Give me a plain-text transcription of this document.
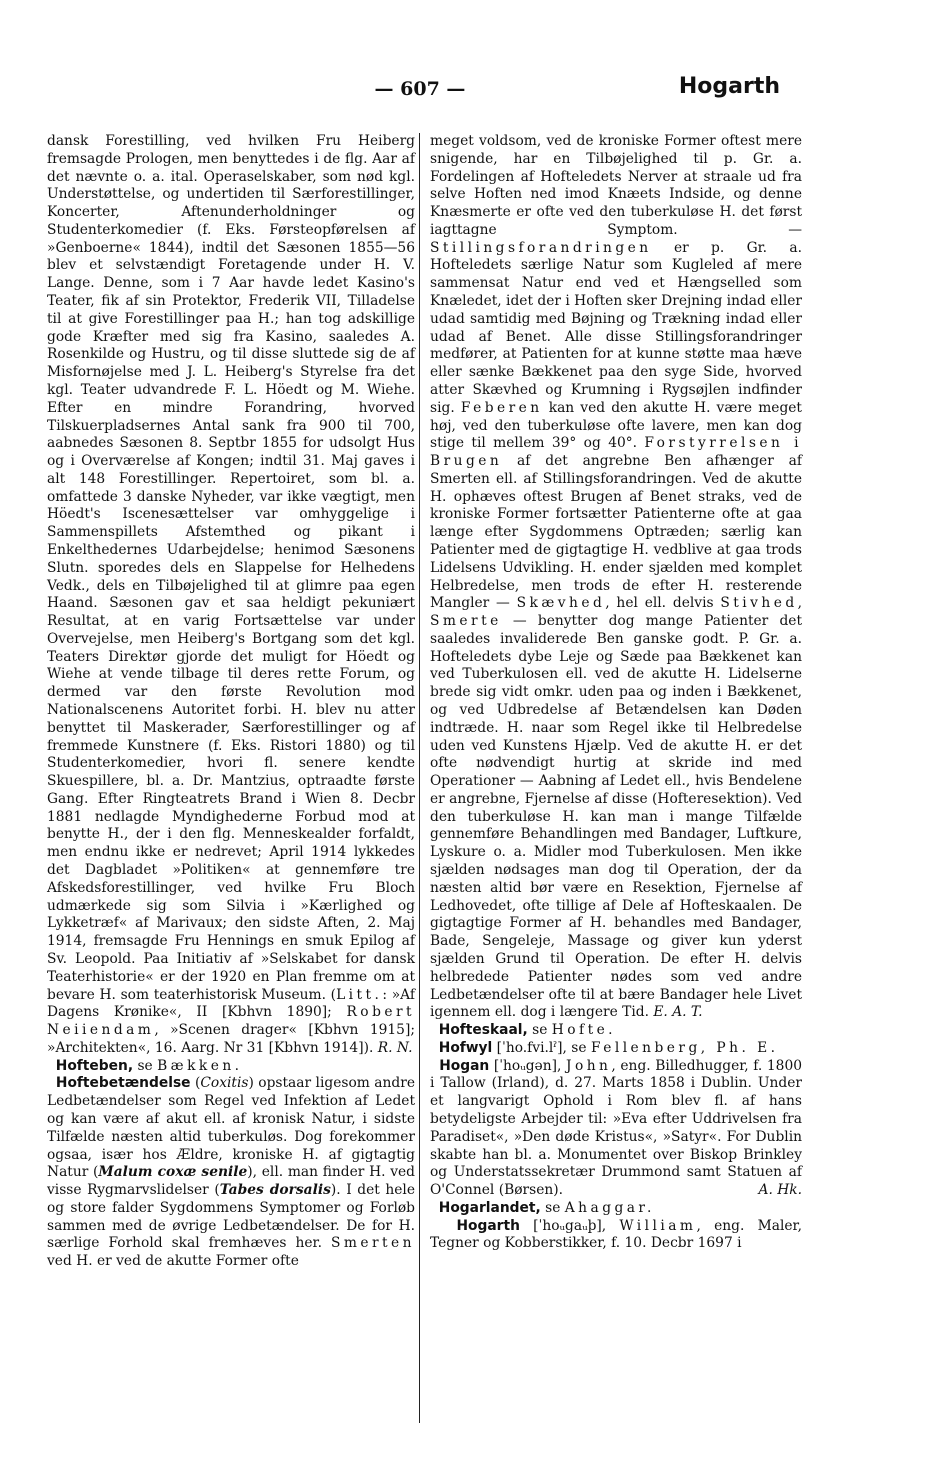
— 607 —	Hogarth

dansk Forestilling, ved hvilken Fru Heiberg fremsagde Prologen, men benyttedes i de flg. Aar af det nævnte o. a. ital. Operaselskaber, som nød kgl. Understøttelse, og undertiden til Særforestillinger, Koncerter, Aftenunderholdninger og Studenterkomedier (f. Eks. Førsteopførelsen af »Genboerne« 1844), indtil det Sæsonen 1855—56 blev et selvstændigt Foretagende under H. V. Lange. Denne, som i 7 Aar havde ledet Kasino's Teater, fik af sin Protektor, Frederik VII, Tilladelse til at give Forestillinger paa H.; han tog adskillige gode Kræfter med sig fra Kasino, saaledes A. Rosenkilde og Hustru, og til disse sluttede sig de af Misfornøjelse med J. L. Heiberg's Styrelse fra det kgl. Teater udvandrede F. L. Höedt og M. Wiehe. Efter en mindre Forandring, hvorved Tilskuerpladsernes Antal sank fra 900 til 700, aabnedes Sæsonen 8. Septbr 1855 for udsolgt Hus og i Overværelse af Kongen; indtil 31. Maj gaves i alt 148 Forestillinger. Repertoiret, som bl. a. omfattede 3 danske Nyheder, var ikke vægtigt, men Höedt's Iscenesættelser var omhyggelige i Sammenspillets Afstemthed og pikant i Enkelthedernes Udarbejdelse; henimod Sæsonens Slutn. sporedes dels en Slappelse for Helhedens Vedk., dels en Tilbøjelighed til at glimre paa egen Haand. Sæsonen gav et saa heldigt pekuniært Resultat, at en varig Fortsættelse var under Overvejelse, men Heiberg's Bortgang som det kgl. Teaters Direktør gjorde det muligt for Höedt og Wiehe at vende tilbage til deres rette Forum, og dermed var den første Revolution mod Nationalscenens Autoritet forbi. H. blev nu atter benyttet til Maskerader, Særforestillinger og af fremmede Kunstnere (f. Eks. Ristori 1880) og til Studenterkomedier, hvori fl. senere kendte Skuespillere, bl. a. Dr. Mantzius, optraadte første Gang. Efter Ringteatrets Brand i Wien 8. Decbr 1881 nedlagde Myndighederne Forbud mod at benytte H., der i den flg. Menneskealder forfaldt, men endnu ikke er nedrevet; April 1914 lykkedes det Dagbladet »Politiken« at gennemføre tre Afskedsforestillinger, ved hvilke Fru Bloch udmærkede sig som Silvia i »Kærlighed og Lykketræf« af Marivaux; den sidste Aften, 2. Maj 1914, fremsagde Fru Hennings en smuk Epilog af Sv. Leopold. Paa Initiativ af »Selskabet for dansk Teaterhistorie« er der 1920 en Plan fremme om at bevare H. som teaterhistorisk Museum. (Litt.: »Af Dagens Krønike«, II [Kbhvn 1890]; Robert Neiiendam, »Scenen drager« [Kbhvn 1915]; »Architekten«, 16. Aarg. Nr 31 [Kbhvn 1914]). R. N.

Hofteben, se Bækken.

Hoftebetændelse (Coxitis) opstaar ligesom andre Ledbetændelser som Regel ved Infektion af Ledet og kan være af akut ell. af kronisk Natur, i sidste Tilfælde næsten altid tuberkuløs. Dog forekommer ogsaa, især hos Ældre, kroniske H. af gigtagtig Natur (Malum coxæ senile), ell. man finder H. ved visse Rygmarvslidelser (Tabes dorsalis). I det hele og store falder Sygdommens Symptomer og Forløb sammen med de øvrige Ledbetændelser. De for H. særlige Forhold skal fremhæves her. Smerten ved H. er ved de akutte Former ofte

meget voldsom, ved de kroniske Former oftest mere snigende, har en Tilbøjelighed til p. Gr. a. Fordelingen af Hofteledets Nerver at straale ud fra selve Hoften ned imod Knæets Indside, og denne Knæsmerte er ofte ved den tuberkuløse H. det først iagttagne Symptom. — Stillingsforandringen er p. Gr. a. Hofteledets særlige Natur som Kugleled af mere sammensat Natur end ved et Hængselled som Knæledet, idet der i Hoften sker Drejning indad eller udad samtidig med Bøjning og Trækning indad eller udad af Benet. Alle disse Stillingsforandringer medfører, at Patienten for at kunne støtte maa hæve eller sænke Bækkenet paa den syge Side, hvorved atter Skævhed og Krumning i Rygsøjlen indfinder sig. Feberen kan ved den akutte H. være meget høj, ved den tuberkuløse ofte lavere, men kan dog stige til mellem 39° og 40°. Forstyrrelsen i Brugen af det angrebne Ben afhænger af Smerten ell. af Stillingsforandringen. Ved de akutte H. ophæves oftest Brugen af Benet straks, ved de kroniske Former fortsætter Patienterne ofte at gaa længe efter Sygdommens Optræden; særlig kan Patienter med de gigtagtige H. vedblive at gaa trods Lidelsens Udvikling. H. ender sjælden med komplet Helbredelse, men trods de efter H. resterende Mangler — Skævhed, hel ell. delvis Stivhed, Smerte — benytter dog mange Patienter det saaledes invaliderede Ben ganske godt. P. Gr. a. Hofteledets dybe Leje og Sæde paa Bækkenet kan ved Tuberkulosen ell. ved de akutte H. Lidelserne brede sig vidt omkr. uden paa og inden i Bækkenet, og ved Udbredelse af Betændelsen kan Døden indtræde. H. naar som Regel ikke til Helbredelse uden ved Kunstens Hjælp. Ved de akutte H. er det ofte nødvendigt hurtig at skride ind med Operationer — Aabning af Ledet ell., hvis Bendelene er angrebne, Fjernelse af disse (Hofteresektion). Ved den tuberkuløse H. kan man i mange Tilfælde gennemføre Behandlingen med Bandager, Luftkure, Lyskure o. a. Midler mod Tuberkulosen. Men ikke sjælden nødsages man dog til Operation, der da næsten altid bør være en Resektion, Fjernelse af Ledhovedet, ofte tillige af Dele af Hofteskaalen. De gigtagtige Former af H. behandles med Bandager, Bade, Sengeleje, Massage og giver kun yderst sjælden Grund til Operation. De efter H. delvis helbredede Patienter nødes som ved andre Ledbetændelser ofte til at bære Bandager hele Livet igennem ell. dog i længere Tid. E. A. T.

Hofteskaal, se Hofte.

Hofwyl [ˈho.fvi.lˀ], se Fellenberg, Ph. E.

Hogan [ˈhoᵤgən], John, eng. Billedhugger, f. 1800 i Tallow (Irland), d. 27. Marts 1858 i Dublin. Under et langvarigt Ophold i Rom blev fl. af hans betydeligste Arbejder til: »Eva efter Uddrivelsen fra Paradiset«, »Den døde Kristus«, »Satyr«. For Dublin skabte han bl. a. Monumentet over Biskop Brinkley og Understatssekretær Drummond samt Statuen af O'Connel (Børsen).	A. Hk.

Hogarlandet, se Ahaggar.

Hogarth [ˈhoᵤgaᵤþ], William, eng. Maler, Tegner og Kobberstikker, f. 10. Decbr 1697 i
